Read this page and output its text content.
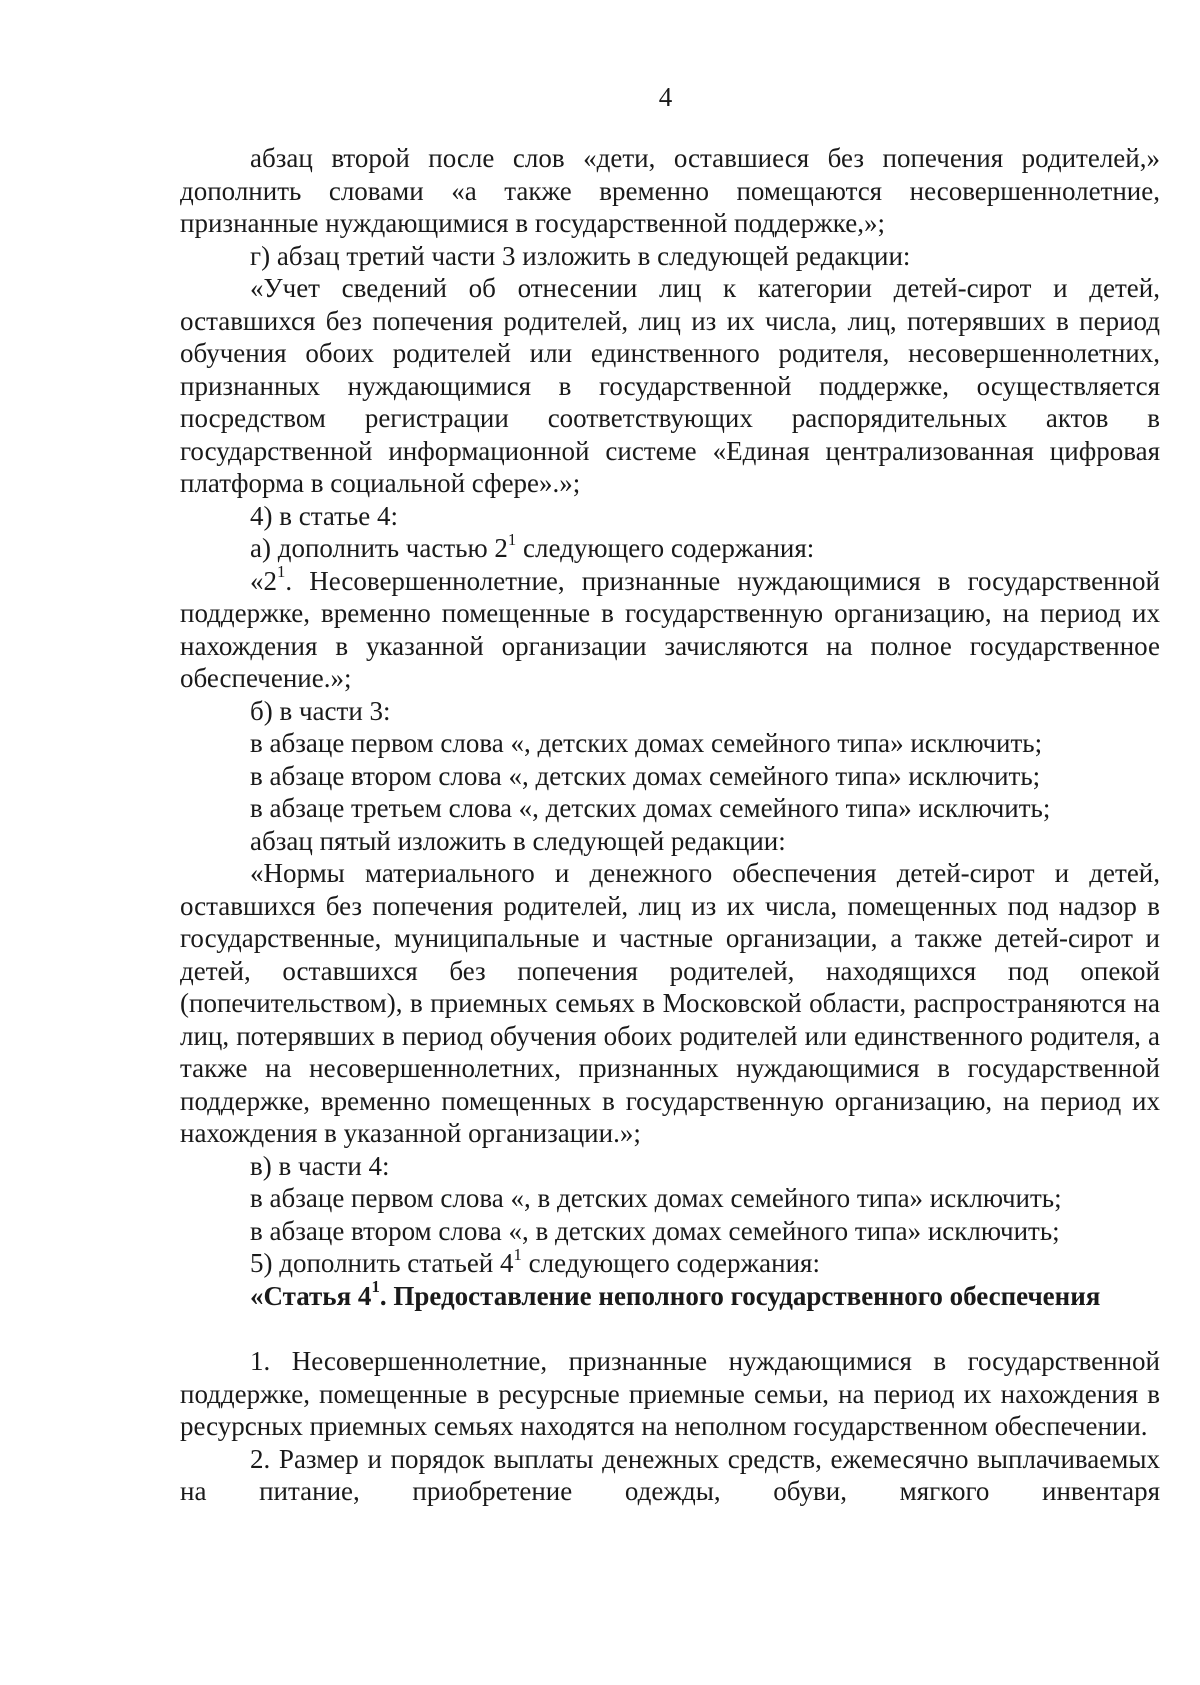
4

абзац второй после слов «дети, оставшиеся без попечения родителей,» дополнить словами «а также временно помещаются несовершеннолетние, признанные нуждающимися в государственной поддержке,»;

г) абзац третий части 3 изложить в следующей редакции:

«Учет сведений об отнесении лиц к категории детей-сирот и детей, оставшихся без попечения родителей, лиц из их числа, лиц, потерявших в период обучения обоих родителей или единственного родителя, несовершеннолетних, признанных нуждающимися в государственной поддержке, осуществляется посредством регистрации соответствующих распорядительных актов в государственной информационной системе «Единая централизованная цифровая платформа в социальной сфере».»;

4) в статье 4:

а) дополнить частью $2^1$ следующего содержания:

«$2^1$. Несовершеннолетние, признанные нуждающимися в государственной поддержке, временно помещенные в государственную организацию, на период их нахождения в указанной организации зачисляются на полное государственное обеспечение.»;

б) в части 3:

в абзаце первом слова «, детских домах семейного типа» исключить;

в абзаце втором слова «, детских домах семейного типа» исключить;

в абзаце третьем слова «, детских домах семейного типа» исключить;

абзац пятый изложить в следующей редакции:

«Нормы материального и денежного обеспечения детей-сирот и детей, оставшихся без попечения родителей, лиц из их числа, помещенных под надзор в государственные, муниципальные и частные организации, а также детей-сирот и детей, оставшихся без попечения родителей, находящихся под опекой (попечительством), в приемных семьях в Московской области, распространяются на лиц, потерявших в период обучения обоих родителей или единственного родителя, а также на несовершеннолетних, признанных нуждающимися в государственной поддержке, временно помещенных в государственную организацию, на период их нахождения в указанной организации.»;

в) в части 4:

в абзаце первом слова «, в детских домах семейного типа» исключить;

в абзаце втором слова «, в детских домах семейного типа» исключить;

5) дополнить статьей $4^1$ следующего содержания:

«Статья $4^1$. Предоставление неполного государственного обеспечения

1. Несовершеннолетние, признанные нуждающимися в государственной поддержке, помещенные в ресурсные приемные семьи, на период их нахождения в ресурсных приемных семьях находятся на неполном государственном обеспечении.

2. Размер и порядок выплаты денежных средств, ежемесячно выплачиваемых на питание, приобретение одежды, обуви, мягкого инвентаря
